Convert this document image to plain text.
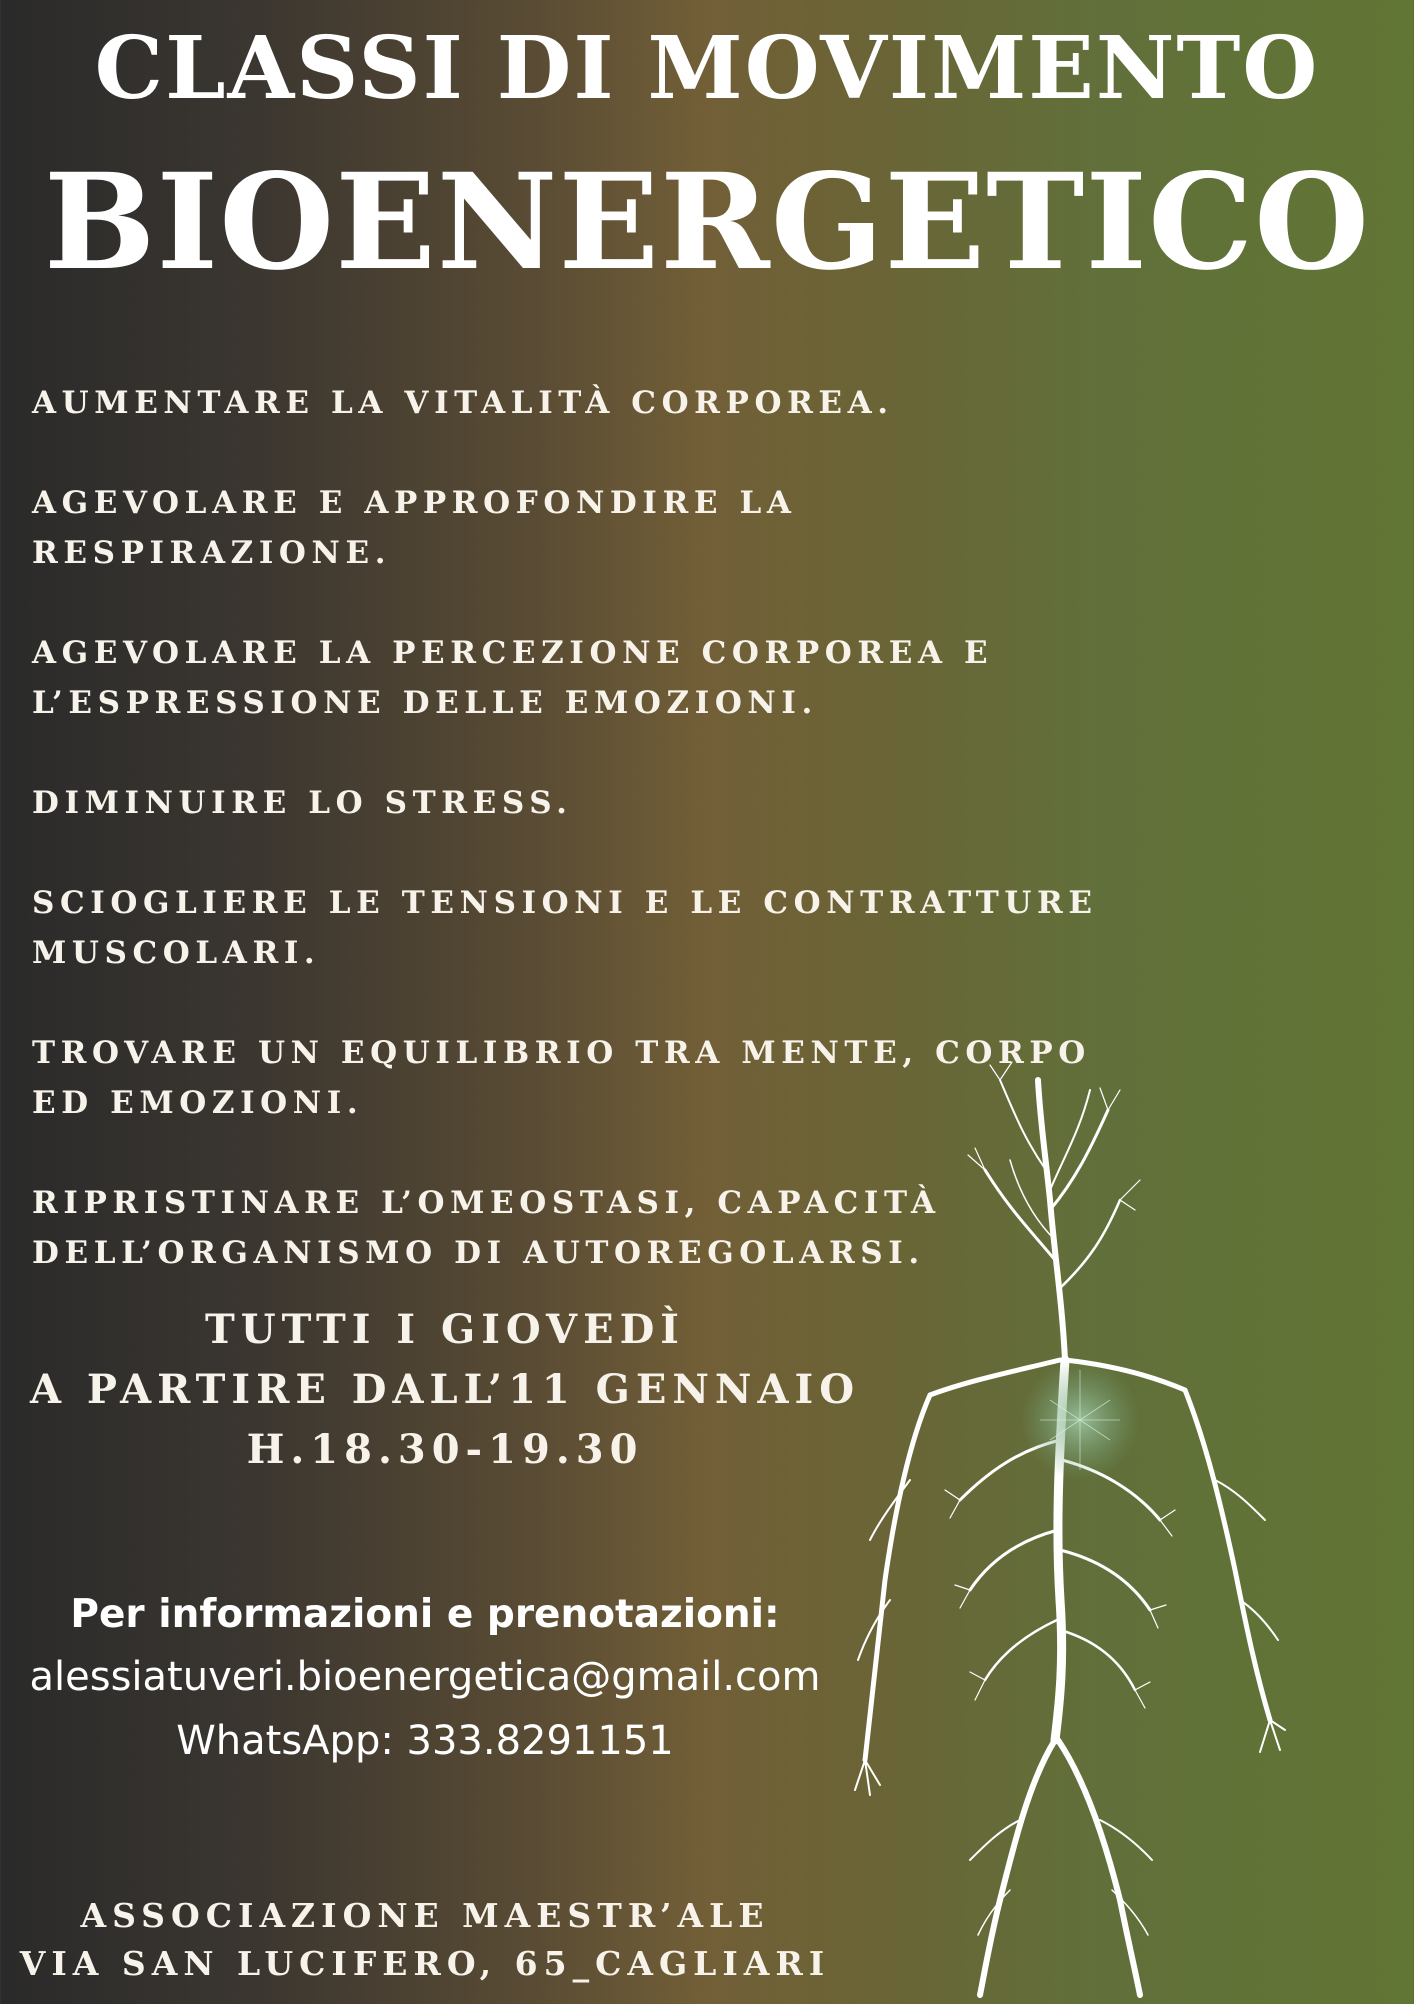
CLASSI DI MOVIMENTO
BIOENERGETICO
AUMENTARE LA VITALITÀ CORPOREA.
AGEVOLARE E APPROFONDIRE LA RESPIRAZIONE.
AGEVOLARE LA PERCEZIONE CORPOREA E L’ESPRESSIONE DELLE EMOZIONI.
DIMINUIRE LO STRESS.
SCIOGLIERE LE TENSIONI E LE CONTRATTURE MUSCOLARI.
TROVARE UN EQUILIBRIO TRA MENTE, CORPO ED EMOZIONI.
RIPRISTINARE L’OMEOSTASI, CAPACITÀ DELL’ORGANISMO DI AUTOREGOLARSI.
TUTTI I GIOVEDÌ
A PARTIRE DALL’11 GENNAIO
H.18.30-19.30
Per informazioni e prenotazioni:
alessiatuveri.bioenergetica@gmail.com
WhatsApp: 333.8291151
ASSOCIAZIONE MAESTR’ALE
VIA SAN LUCIFERO, 65_CAGLIARI
